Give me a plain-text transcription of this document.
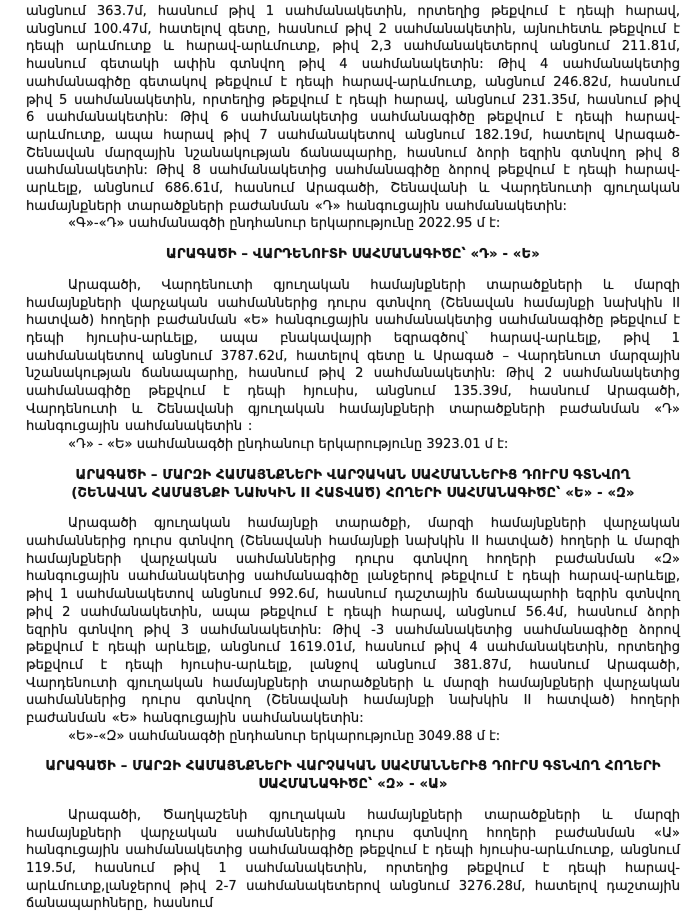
անցնում 363.7մ, հասնում թիվ 1 սահմանակետին, որտեղից թեքվում է դեպի հարավ, անցնում 100.47մ, հատելով գետը, հասնում թիվ 2 սահմանակետին, այնուհետև թեքվում է դեպի արևմուտք և հարավ-արևմուտք, թիվ 2,3 սահմանակետերով անցնում 211.81մ, հասնում գետակի ափին գտնվող թիվ 4 սահմանակետին: Թիվ 4 սահմանակետից սահմանագիծը գետակով թեքվում է դեպի հարավ-արևմուտք, անցնում 246.82մ, հասնում թիվ 5 սահմանակետին, որտեղից թեքվում է դեպի հարավ, անցնում 231.35մ, հասնում թիվ 6 սահմանակետին: Թիվ 6 սահմանակետից սահմանագիծը թեքվում է դեպի հարավ-արևմուտք, ապա հարավ թիվ 7 սահմանակետով անցնում 182.19մ, հատելով Արագած-Շենավան մարզային նշանակության ճանապարհը, հասնում ձորի եզրին գտնվող թիվ 8 սահմանակետին: Թիվ 8 սահմանակետից սահմանագիծը ձորով թեքվում է դեպի հարավ-արևելք, անցնում 686.61մ, հասնում Արագածի, Շենավանի և Վարդենուտի գյուղական համայնքների տարածքների բաժանման «Դ» հանգուցային սահմանակետին:
«Գ»-«Դ» սահմանագծի ընդհանուր երկարությունը 2022.95 մ է:
ԱՐԱԳԱԾԻ – ՎԱՐԴԵՆՈՒՏԻ ՍԱՀՄԱՆԱԳԻԾԸ՝ «Դ» - «Ե»
Արագածի, Վարդենուտի գյուղական համայնքների տարածքների և մարզի համայնքների վարչական սահմաններից դուրս գտնվող (Շենավան համայնքի նախկին II հատված) հողերի բաժանման «Ե» հանգուցային սահմանակետից սահմանագիծը թեքվում է դեպի հյուսիս-արևելք, ապա բնակավայրի եզրագծով՝ հարավ-արևելք, թիվ 1 սահմանակետով անցնում 3787.62մ, հատելով գետը և Արագած – Վարդենուտ մարզային նշանակության ճանապարհը, հասնում թիվ 2 սահմանակետին: Թիվ 2 սահմանակետից սահմանագիծը թեքվում է դեպի հյուսիս, անցնում 135.39մ, հասնում Արագածի, Վարդենուտի և Շենավանի գյուղական համայնքների տարածքների բաժանման «Դ» հանգուցային սահմանակետին :
«Դ» - «Ե» սահմանագծի ընդհանուր երկարությունը 3923.01 մ է:
ԱՐԱԳԱԾԻ – ՄԱՐԶԻ ՀԱՄԱՅՆՔՆԵՐԻ ՎԱՐՉԱԿԱՆ ՍԱՀՄԱՆՆԵՐԻՑ ԴՈՒՐՍ ԳՏՆՎՈՂ (ՇԵՆԱՎԱՆ ՀԱՄԱՅՆՔԻ ՆԱԽԿԻՆ II ՀԱՏՎԱԾ) ՀՈՂԵՐԻ ՍԱՀՄԱՆԱԳԻԾԸ՝ «Ե» - «Զ»
Արագածի գյուղական համայնքի տարածքի, մարզի համայնքների վարչական սահմաններից դուրս գտնվող (Շենավանի համայնքի նախկին II հատված) հողերի և մարզի համայնքների վարչական սահմաններից դուրս գտնվող հողերի բաժանման «Զ» հանգուցային սահմանակետից սահմանագիծը լանջերով թեքվում է դեպի հարավ-արևելք, թիվ 1 սահմանակետով անցնում 992.6մ, հասնում դաշտային ճանապարհի եզրին գտնվող թիվ 2 սահմանակետին, ապա թեքվում է դեպի հարավ, անցնում 56.4մ, հասնում ձորի եզրին գտնվող թիվ 3 սահմանակետին: Թիվ -3 սահմանակետից սահմանագիծը ձորով թեքվում է դեպի արևելք, անցնում 1619.01մ, հասնում թիվ 4 սահմանակետին, որտեղից թեքվում է դեպի հյուսիս-արևելք, լանջով անցնում 381.87մ, հասնում Արագածի, Վարդենուտի գյուղական համայնքների տարածքների և մարզի համայնքների վարչական սահմաններից դուրս գտնվող (Շենավանի համայնքի նախկին II հատված) հողերի բաժանման «Ե» հանգուցային սահմանակետին:
«Ե»-«Զ» սահմանագծի ընդհանուր երկարությունը 3049.88 մ է:
ԱՐԱԳԱԾԻ – ՄԱՐԶԻ ՀԱՄԱՅՆՔՆԵՐԻ ՎԱՐՉԱԿԱՆ ՍԱՀՄԱՆՆԵՐԻՑ ԴՈՒՐՍ ԳՏՆՎՈՂ ՀՈՂԵՐԻ ՍԱՀՄԱՆԱԳԻԾԸ՝ «Զ» - «Ա»
Արագածի, Ծաղկաշենի գյուղական համայնքների տարածքների և մարզի համայնքների վարչական սահմաններից դուրս գտնվող հողերի բաժանման «Ա» հանգուցային սահմանակետից սահմանագիծը թեքվում է դեպի հյուսիս-արևմուտք, անցնում 119.5մ, հասնում թիվ 1 սահմանակետին, որտեղից թեքվում է դեպի հարավ-արևմուտք,լանջերով թիվ 2-7 սահմանակետերով անցնում 3276.28մ, հատելով դաշտային ճանապարհները, հասնում
